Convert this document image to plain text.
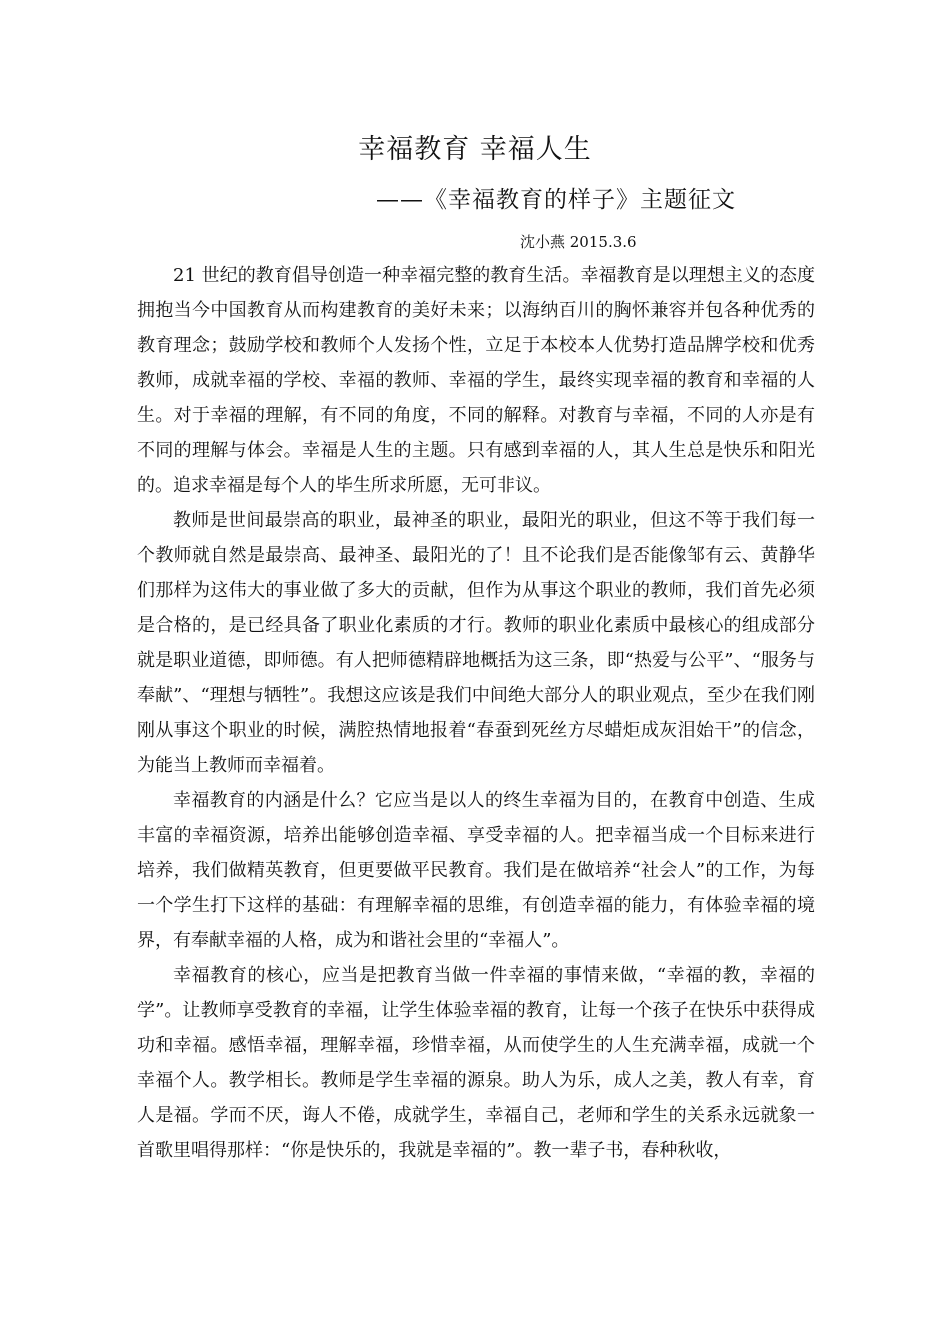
幸福教育 幸福人生

——《幸福教育的样子》主题征文

沈小燕 2015.3.6

21 世纪的教育倡导创造一种幸福完整的教育生活。幸福教育是以理想主义的态度拥抱当今中国教育从而构建教育的美好未来；以海纳百川的胸怀兼容并包各种优秀的教育理念；鼓励学校和教师个人发扬个性，立足于本校本人优势打造品牌学校和优秀教师，成就幸福的学校、幸福的教师、幸福的学生，最终实现幸福的教育和幸福的人生。对于幸福的理解，有不同的角度，不同的解释。对教育与幸福，不同的人亦是有不同的理解与体会。幸福是人生的主题。只有感到幸福的人，其人生总是快乐和阳光的。追求幸福是每个人的毕生所求所愿，无可非议。

教师是世间最崇高的职业，最神圣的职业，最阳光的职业，但这不等于我们每一个教师就自然是最崇高、最神圣、最阳光的了！且不论我们是否能像邹有云、黄静华们那样为这伟大的事业做了多大的贡献，但作为从事这个职业的教师，我们首先必须是合格的，是已经具备了职业化素质的才行。教师的职业化素质中最核心的组成部分就是职业道德，即师德。有人把师德精辟地概括为这三条，即“热爱与公平”、“服务与奉献”、“理想与牺牲”。我想这应该是我们中间绝大部分人的职业观点，至少在我们刚刚从事这个职业的时候，满腔热情地报着“春蚕到死丝方尽蜡炬成灰泪始干”的信念，为能当上教师而幸福着。

幸福教育的内涵是什么？它应当是以人的终生幸福为目的，在教育中创造、生成丰富的幸福资源，培养出能够创造幸福、享受幸福的人。把幸福当成一个目标来进行培养，我们做精英教育，但更要做平民教育。我们是在做培养“社会人”的工作，为每一个学生打下这样的基础：有理解幸福的思维，有创造幸福的能力，有体验幸福的境界，有奉献幸福的人格，成为和谐社会里的“幸福人”。

幸福教育的核心，应当是把教育当做一件幸福的事情来做，“幸福的教，幸福的学”。让教师享受教育的幸福，让学生体验幸福的教育，让每一个孩子在快乐中获得成功和幸福。感悟幸福，理解幸福，珍惜幸福，从而使学生的人生充满幸福，成就一个幸福个人。教学相长。教师是学生幸福的源泉。助人为乐，成人之美，教人有幸，育人是福。学而不厌，诲人不倦，成就学生，幸福自己，老师和学生的关系永远就象一首歌里唱得那样：“你是快乐的，我就是幸福的”。教一辈子书，春种秋收，
